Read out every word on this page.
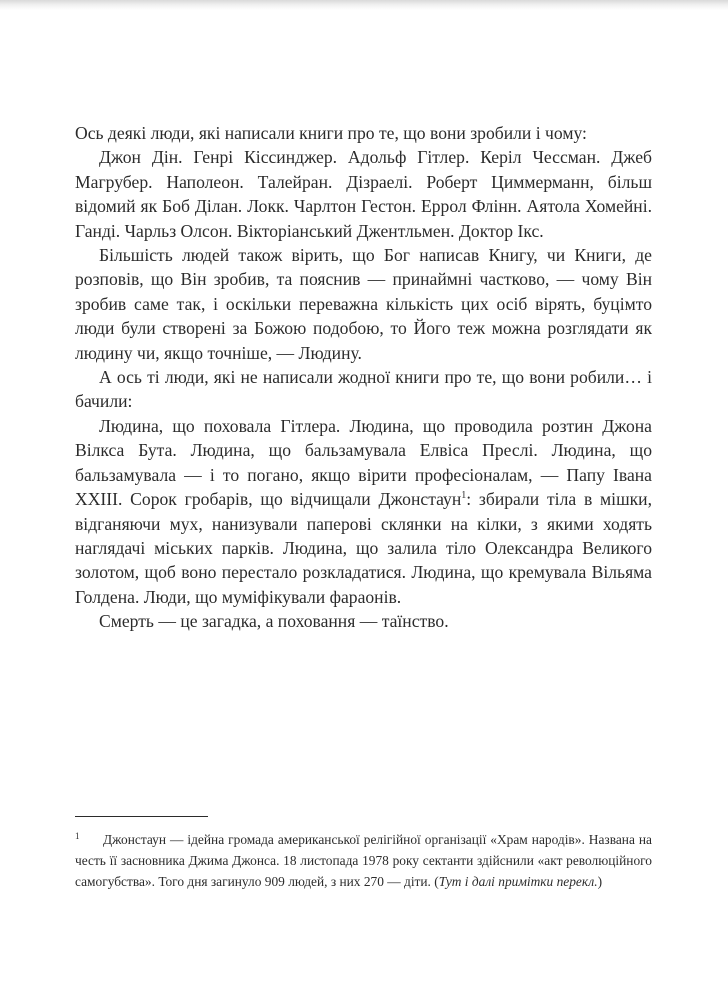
Ось деякі люди, які написали книги про те, що вони зробили і чому:

Джон Дін. Генрі Кіссинджер. Адольф Гітлер. Керіл Чессман. Джеб Магрубер. Наполеон. Талейран. Дізраелі. Роберт Циммерманн, більш відомий як Боб Ділан. Локк. Чарлтон Гестон. Еррол Флінн. Аятола Хомейні. Ганді. Чарльз Олсон. Вікторіанський Джентльмен. Доктор Ікс.

Більшість людей також вірить, що Бог написав Книгу, чи Книги, де розповів, що Він зробив, та пояснив — принаймні частково, — чому Він зробив саме так, і оскільки переважна кількість цих осіб вірять, буцімто люди були створені за Божою подобою, то Його теж можна розглядати як людину чи, якщо точніше, — Людину.

А ось ті люди, які не написали жодної книги про те, що вони робили… і бачили:

Людина, що поховала Гітлера. Людина, що проводила розтин Джона Вілкса Бута. Людина, що бальзамувала Елвіса Преслі. Людина, що бальзамувала — і то погано, якщо вірити професіоналам, — Папу Івана XXIII. Сорок гробарів, що відчищали Джонстаун$^1$: збирали тіла в мішки, відганяючи мух, нанизували паперові склянки на кілки, з якими ходять наглядачі міських парків. Людина, що залила тіло Олександра Великого золотом, щоб воно перестало розкладатися. Людина, що кремувала Вільяма Голдена. Люди, що муміфікували фараонів.

Смерть — це загадка, а поховання — таїнство.

1 Джонстаун — ідейна громада американської релігійної організації «Храм народів». Названа на честь її засновника Джима Джонса. 18 листопада 1978 року сектанти здійснили «акт революційного самогубства». Того дня загинуло 909 людей, з них 270 — діти. (Тут і далі примітки перекл.)
